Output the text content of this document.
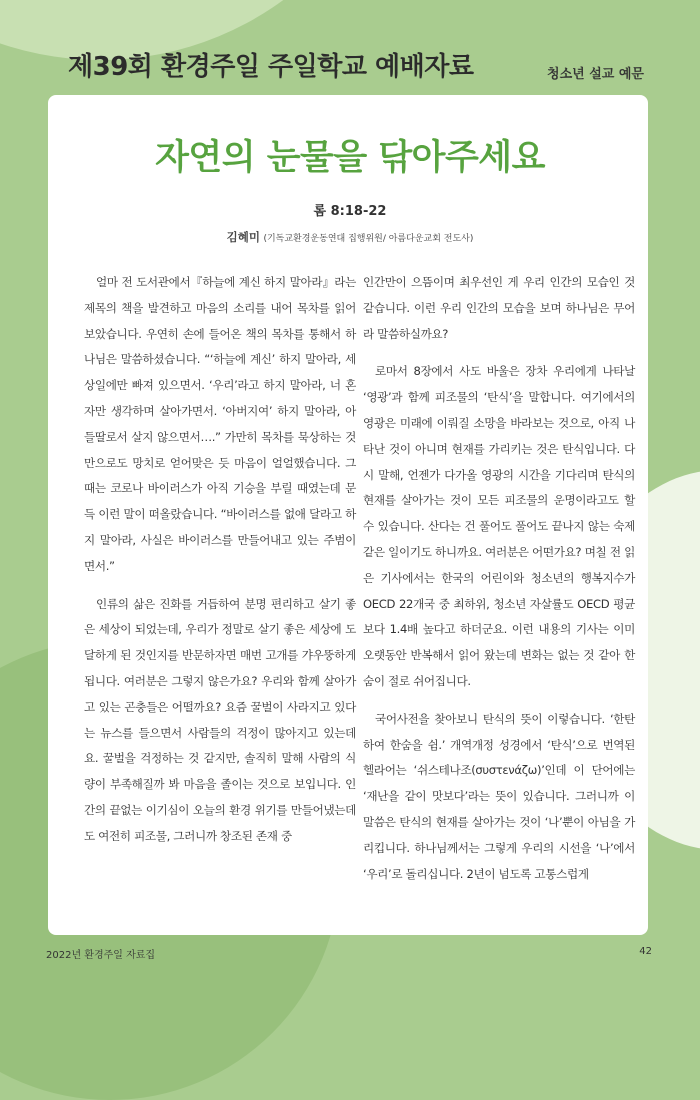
제39회 환경주일 주일학교 예배자료	청소년 설교 예문
자연의 눈물을 닦아주세요
롬 8:18-22
김혜미 (기독교환경운동연대 집행위원/ 아름다운교회 전도사)

얼마 전 도서관에서『하늘에 계신 하지 말아라』라는 제목의 책을 발견하고 마음의 소리를 내어 목차를 읽어보았습니다. 우연히 손에 들어온 책의 목차를 통해서 하나님은 말씀하셨습니다. “‘하늘에 계신’ 하지 말아라, 세상일에만 빠져 있으면서. ‘우리’라고 하지 말아라, 너 혼자만 생각하며 살아가면서. ‘아버지여’ 하지 말아라, 아들딸로서 살지 않으면서….” 가만히 목차를 묵상하는 것만으로도 망치로 얻어맞은 듯 마음이 얼얼했습니다. 그때는 코로나 바이러스가 아직 기승을 부릴 때였는데 문득 이런 말이 떠올랐습니다. “바이러스를 없애 달라고 하지 말아라, 사실은 바이러스를 만들어내고 있는 주범이면서.”

인류의 삶은 진화를 거듭하여 분명 편리하고 살기 좋은 세상이 되었는데, 우리가 정말로 살기 좋은 세상에 도달하게 된 것인지를 반문하자면 매번 고개를 갸우뚱하게 됩니다. 여러분은 그렇지 않은가요? 우리와 함께 살아가고 있는 곤충들은 어떨까요? 요즘 꿀벌이 사라지고 있다는 뉴스를 들으면서 사람들의 걱정이 많아지고 있는데요. 꿀벌을 걱정하는 것 같지만, 솔직히 말해 사람의 식량이 부족해질까 봐 마음을 졸이는 것으로 보입니다. 인간의 끝없는 이기심이 오늘의 환경 위기를 만들어냈는데도 여전히 피조물, 그러니까 창조된 존재 중

인간만이 으뜸이며 최우선인 게 우리 인간의 모습인 것 같습니다. 이런 우리 인간의 모습을 보며 하나님은 무어라 말씀하실까요?

로마서 8장에서 사도 바울은 장차 우리에게 나타날 ‘영광’과 함께 피조물의 ‘탄식’을 말합니다. 여기에서의 영광은 미래에 이뤄질 소망을 바라보는 것으로, 아직 나타난 것이 아니며 현재를 가리키는 것은 탄식입니다. 다시 말해, 언젠가 다가올 영광의 시간을 기다리며 탄식의 현재를 살아가는 것이 모든 피조물의 운명이라고도 할 수 있습니다. 산다는 건 풀어도 풀어도 끝나지 않는 숙제 같은 일이기도 하니까요. 여러분은 어떤가요? 며칠 전 읽은 기사에서는 한국의 어린이와 청소년의 행복지수가 OECD 22개국 중 최하위, 청소년 자살률도 OECD 평균보다 1.4배 높다고 하더군요. 이런 내용의 기사는 이미 오랫동안 반복해서 읽어 왔는데 변화는 없는 것 같아 한숨이 절로 쉬어집니다.

국어사전을 찾아보니 탄식의 뜻이 이렇습니다. ‘한탄하여 한숨을 쉼.’ 개역개정 성경에서 ‘탄식’으로 번역된 헬라어는 ‘쉬스테나조(συστενάζω)’인데 이 단어에는 ‘재난을 같이 맛보다’라는 뜻이 있습니다. 그러니까 이 말씀은 탄식의 현재를 살아가는 것이 ‘나’뿐이 아님을 가리킵니다. 하나님께서는 그렇게 우리의 시선을 ‘나’에서 ‘우리’로 돌리십니다. 2년이 넘도록 고통스럽게

2022년 환경주일 자료집	42
